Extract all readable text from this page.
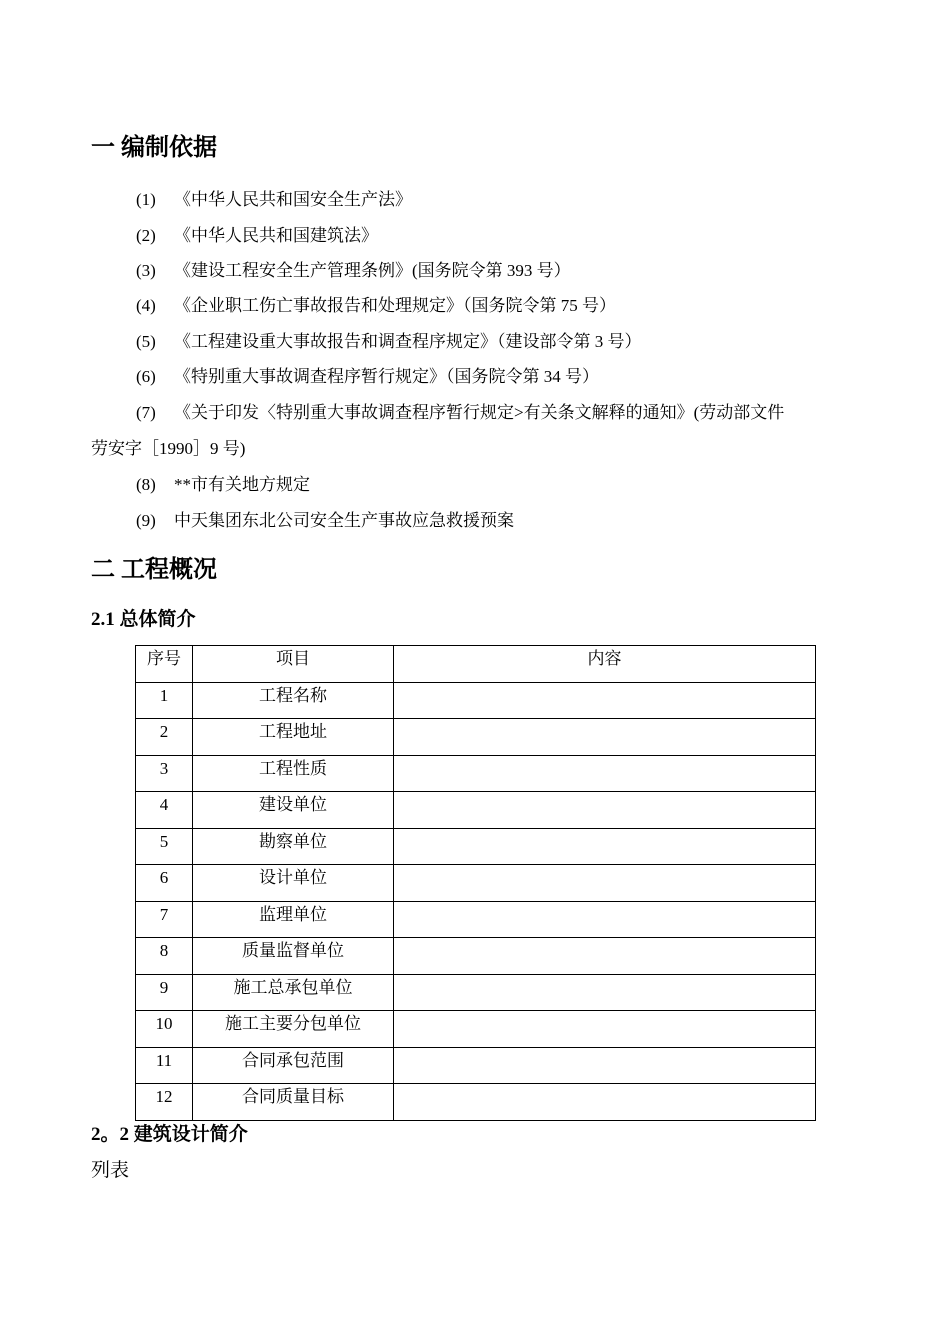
一 编制依据
(1) 《中华人民共和国安全生产法》
(2) 《中华人民共和国建筑法》
(3) 《建设工程安全生产管理条例》(国务院令第 393 号）
(4) 《企业职工伤亡事故报告和处理规定》（国务院令第 75 号）
(5) 《工程建设重大事故报告和调查程序规定》（建设部令第 3 号）
(6) 《特别重大事故调查程序暂行规定》（国务院令第 34 号）
(7) 《关于印发〈特别重大事故调查程序暂行规定>有关条文解释的通知》(劳动部文件
劳安字［1990］9 号)
(8) **市有关地方规定
(9) 中天集团东北公司安全生产事故应急救援预案
二 工程概况
2.1 总体简介
序号	项目	内容
1	工程名称	
2	工程地址	
3	工程性质	
4	建设单位	
5	勘察单位	
6	设计单位	
7	监理单位	
8	质量监督单位	
9	施工总承包单位	
10	施工主要分包单位	
11	合同承包范围	
12	合同质量目标	
2。2 建筑设计简介
列表
